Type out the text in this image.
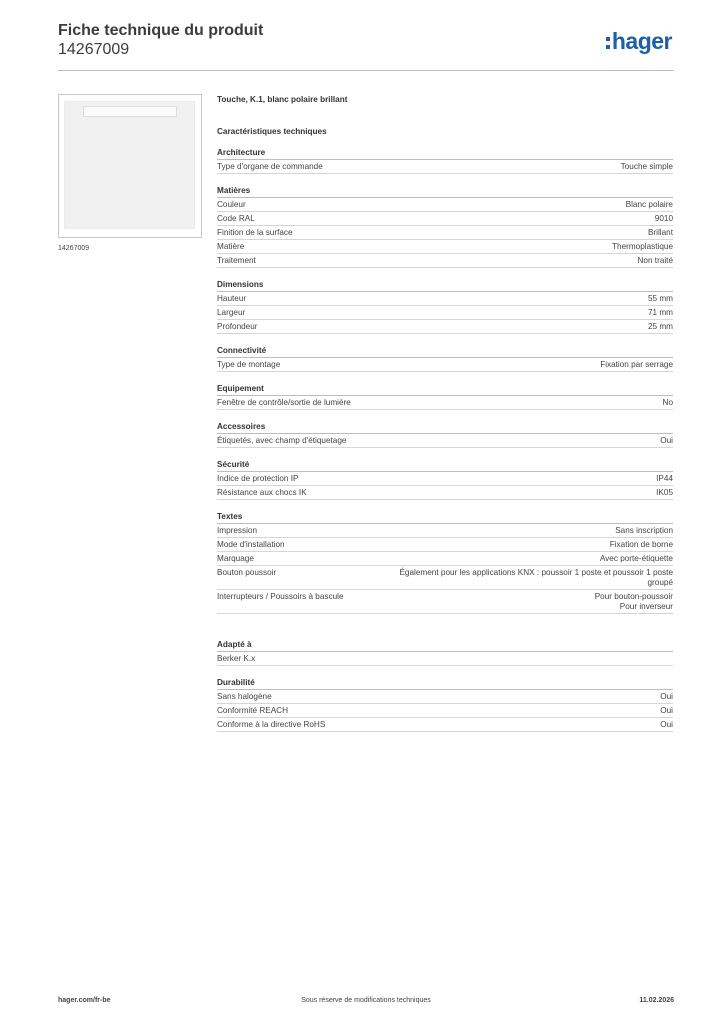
Fiche technique du produit
14267009	hager
14267009
Touche, K.1, blanc polaire brillant
Caractéristiques techniques
Architecture
Type d'organe de commande	Touche simple
Matières
Couleur	Blanc polaire
Code RAL	9010
Finition de la surface	Brillant
Matière	Thermoplastique
Traitement	Non traité
Dimensions
Hauteur	55 mm
Largeur	71 mm
Profondeur	25 mm
Connectivité
Type de montage	Fixation par serrage
Equipement
Fenêtre de contrôle/sortie de lumière	No
Accessoires
Étiquetés, avec champ d'étiquetage	Oui
Sécurité
Indice de protection IP	IP44
Résistance aux chocs IK	IK05
Textes
Impression	Sans inscription
Mode d'installation	Fixation de borne
Marquage	Avec porte-étiquette
Bouton poussoir	Également pour les applications KNX : poussoir 1 poste et poussoir 1 poste groupé
Interrupteurs / Poussoirs à bascule	Pour bouton-poussoir
Pour inverseur
Adapté à
Berker K.x
Durabilité
Sans halogène	Oui
Conformité REACH	Oui
Conforme à la directive RoHS	Oui
hager.com/fr-be	Sous réserve de modifications techniques	11.02.2026
